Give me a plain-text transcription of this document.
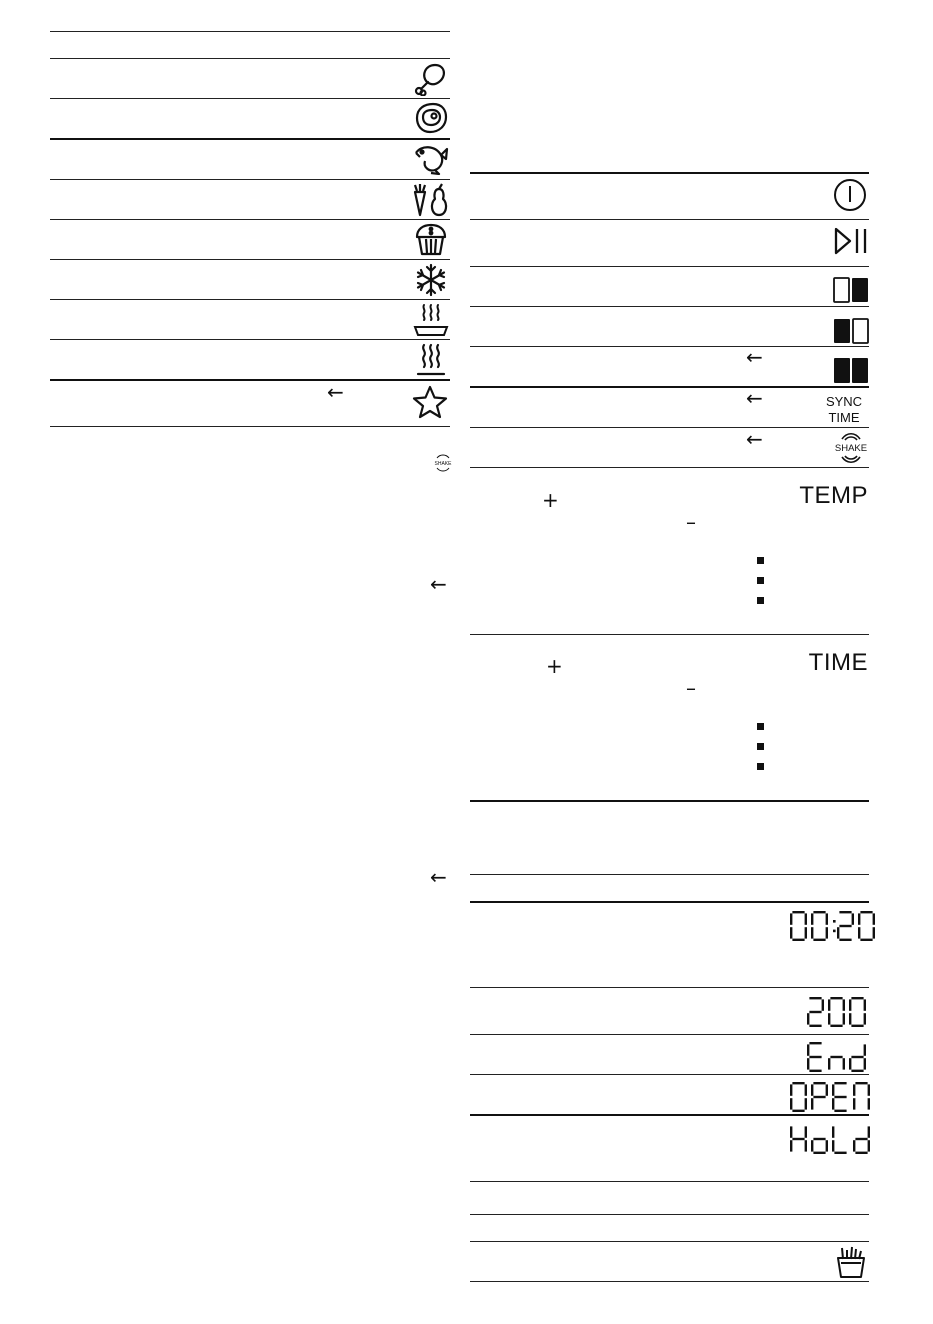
←
SHAKE
←
←
←
←	SYNC
TIME
←	SHAKE
+
–
TEMP
+
–
TIME
